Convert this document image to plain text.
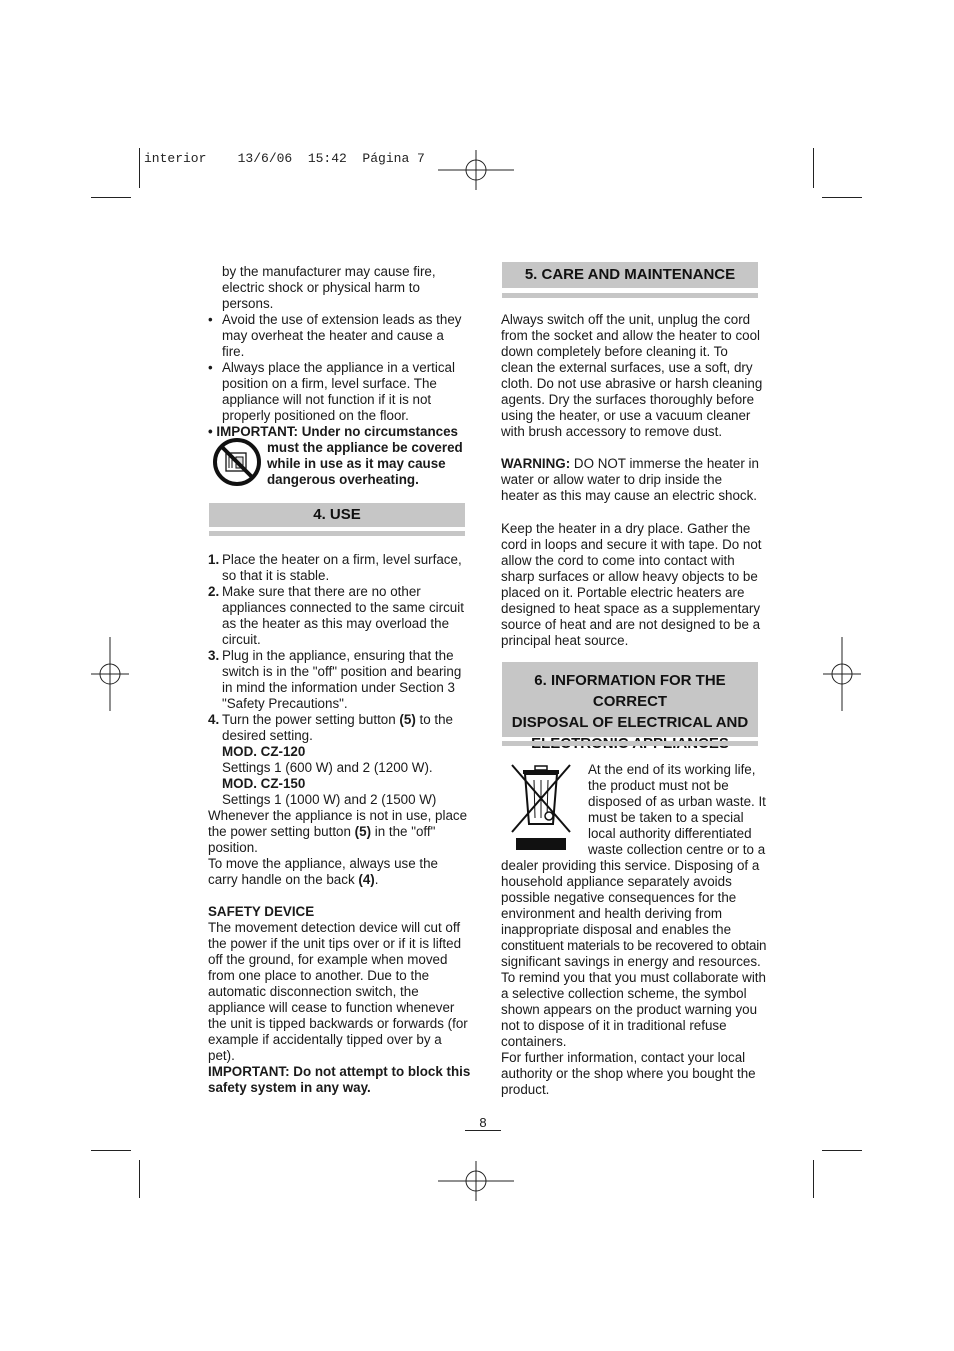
interior    13/6/06  15:42  Página 7

by the manufacturer may cause fire,

electric shock or physical harm to

persons.

• Avoid the use of extension leads as they

may overheat the heater and cause a

fire.

• Always place the appliance in a vertical

position on a firm, level surface. The

appliance will not function if it is not

properly positioned on the floor.

• IMPORTANT: Under no circumstances

must the appliance be covered

while in use as it may cause

dangerous overheating.

4. USE
1. Place the heater on a firm, level surface,

so that it is stable.

2. Make sure that there are no other

appliances connected to the same circuit

as the heater as this may overload the

circuit.

3. Plug in the appliance, ensuring that the

switch is in the "off" position and bearing

in mind the information under Section 3

"Safety Precautions".

4. Turn the power setting button (5) to the

desired setting.

MOD. CZ-120

Settings 1 (600 W) and 2 (1200 W).

MOD. CZ-150

Settings 1 (1000 W) and 2 (1500 W)

Whenever the appliance is not in use, place

the power setting button (5) in the "off"

position.

To move the appliance, always use the

carry handle on the back (4).

SAFETY DEVICE

The movement detection device will cut off

the power if the unit tips over or if it is lifted

off the ground, for example when moved

from one place to another. Due to the

automatic disconnection switch, the

appliance will cease to function whenever

the unit is tipped backwards or forwards (for

example if accidentally tipped over by a

pet).

IMPORTANT: Do not attempt to block this

safety system in any way.

5. CARE AND MAINTENANCE

Always switch off the unit, unplug the cord

from the socket and allow the heater to cool

down completely before cleaning it. To

clean the external surfaces, use a soft, dry

cloth. Do not use abrasive or harsh cleaning

agents. Dry the surfaces thoroughly before

using the heater, or use a vacuum cleaner

with brush accessory to remove dust.

WARNING: DO NOT immerse the heater in

water or allow water to drip inside the

heater as this may cause an electric shock.

Keep the heater in a dry place. Gather the

cord in loops and secure it with tape. Do not

allow the cord to come into contact with

sharp surfaces or allow heavy objects to be

placed on it. Portable electric heaters are

designed to heat space as a supplementary

source of heat and are not designed to be a

principal heat source.

6. INFORMATION FOR THE CORRECT
DISPOSAL OF ELECTRICAL AND

At the end of its working life,

the product must not be

disposed of as urban waste. It

must be taken to a special

local authority differentiated

waste collection centre or to a

dealer providing this service. Disposing of a

household appliance separately avoids

possible negative consequences for the

environment and health deriving from

inappropriate disposal and enables the

constituent materials to be recovered to obtain

significant savings in energy and resources.

To remind you that you must collaborate with

a selective collection scheme, the symbol

shown appears on the product warning you

not to dispose of it in traditional refuse

containers.

For further information, contact your local

authority or the shop where you bought the

product.

8
